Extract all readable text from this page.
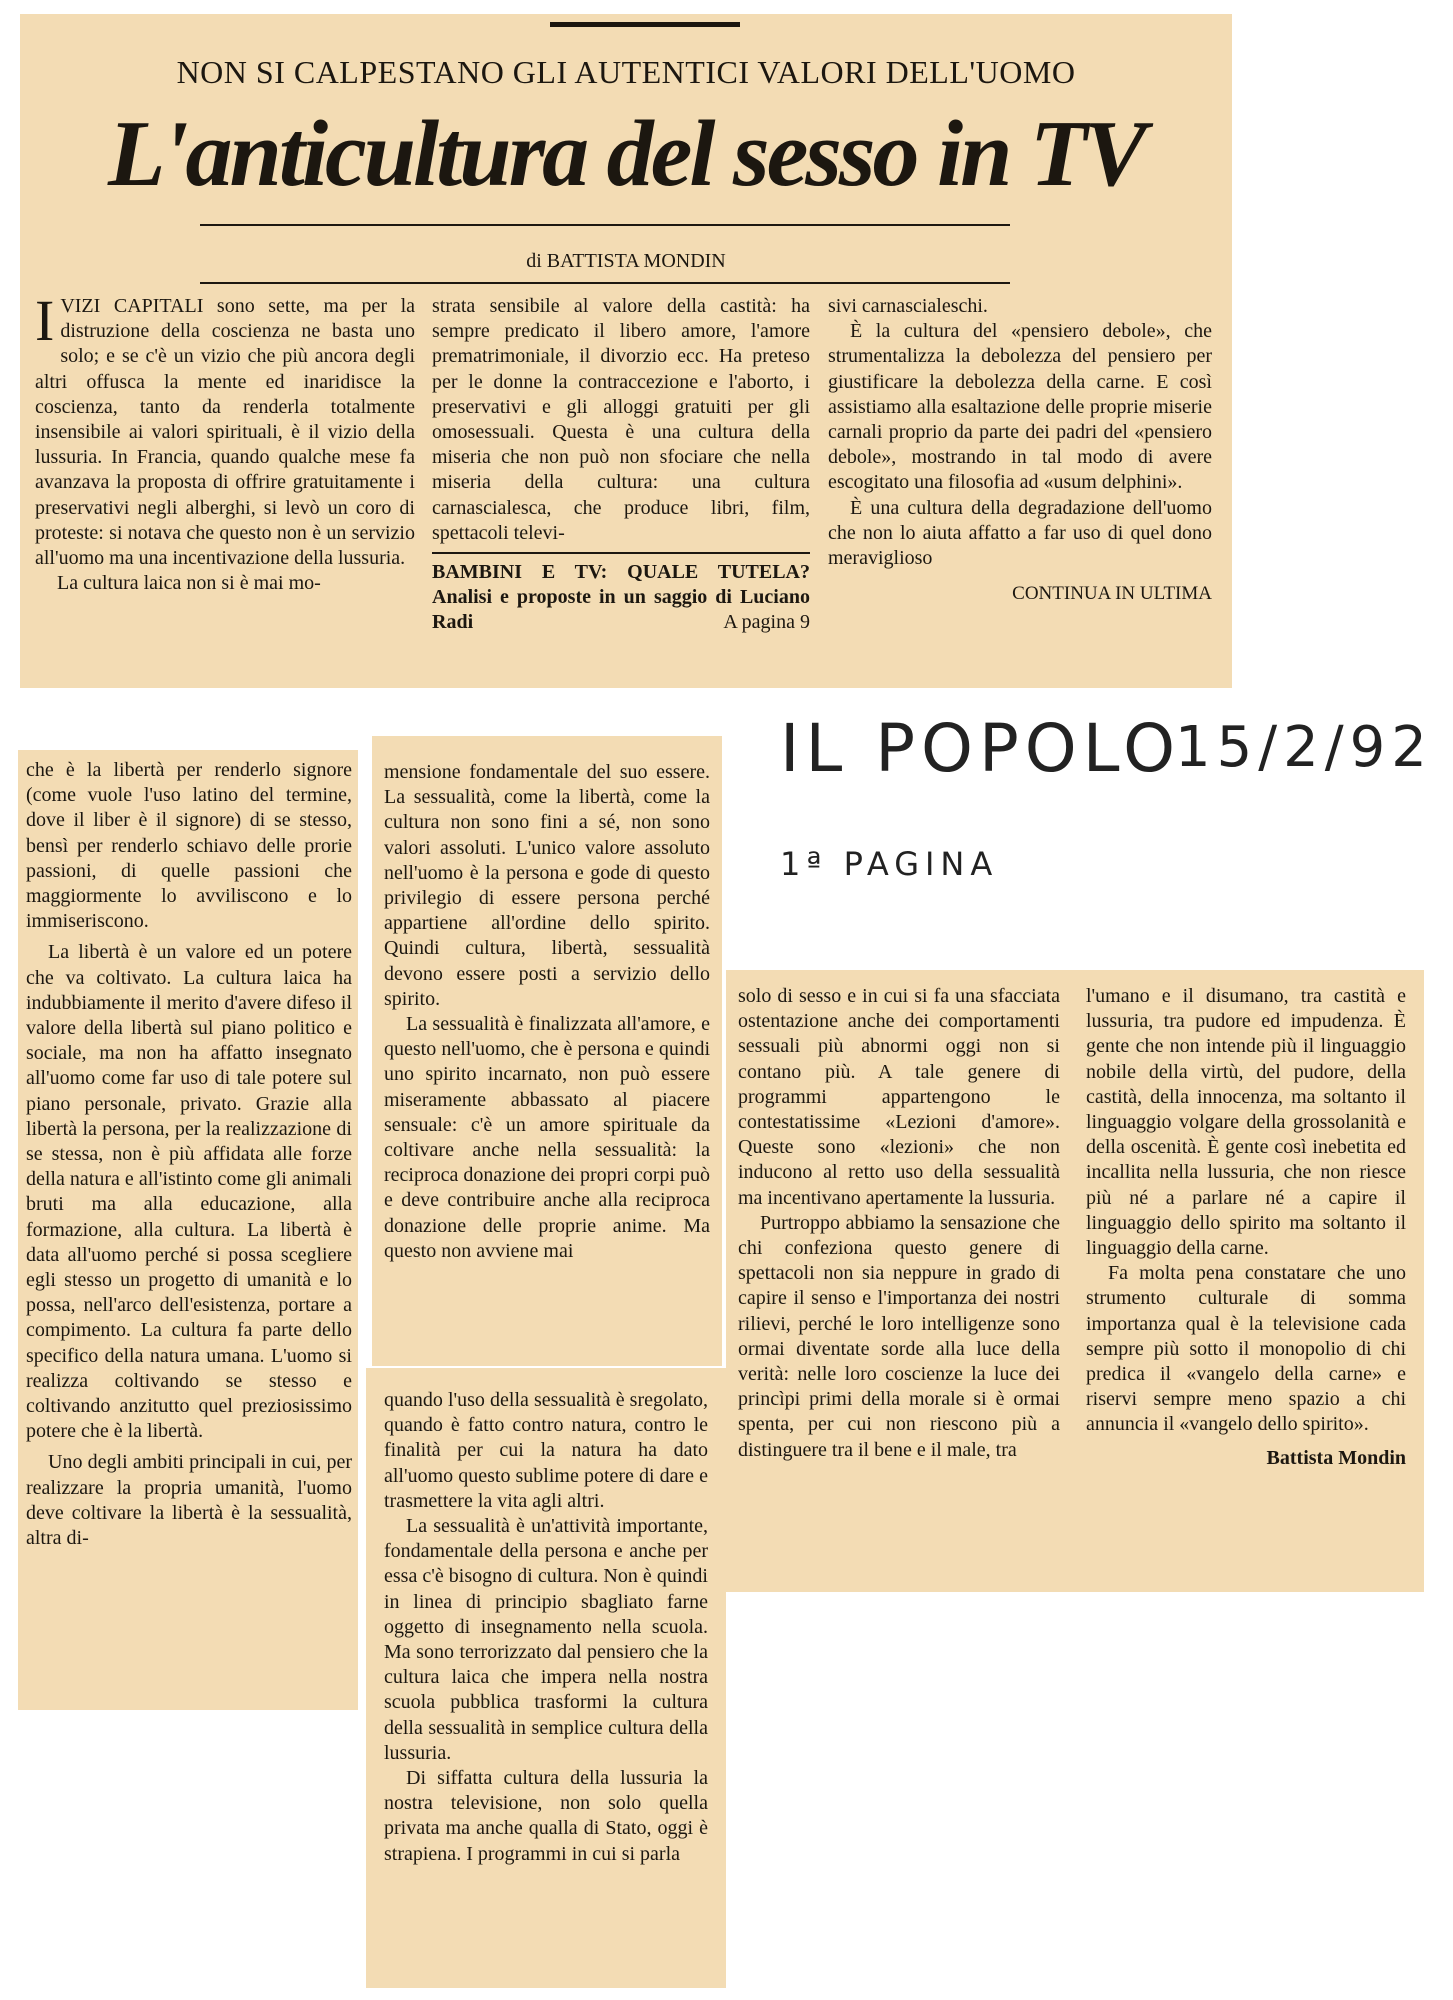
NON SI CALPESTANO GLI AUTENTICI VALORI DELL'UOMO
L'anticultura del sesso in TV
di BATTISTA MONDIN

IVIZI CAPITALI sono sette, ma per la distruzione della coscienza ne basta uno solo; e se c'è un vizio che più ancora degli altri offusca la mente ed inaridisce la coscienza, tanto da renderla totalmente insensibile ai valori spirituali, è il vizio della lussuria. In Francia, quando qualche mese fa avanzava la proposta di offrire gratuitamente i preservativi negli alberghi, si levò un coro di proteste: si notava che questo non è un servizio all'uomo ma una incentivazione della lussuria.

La cultura laica non si è mai mo-

strata sensibile al valore della castità: ha sempre predicato il libero amore, l'amore prematrimoniale, il divorzio ecc. Ha preteso per le donne la contraccezione e l'aborto, i preservativi e gli alloggi gratuiti per gli omosessuali. Questa è una cultura della miseria che non può non sfociare che nella miseria della cultura: una cultura carnascialesca, che produce libri, film, spettacoli televi-

BAMBINI E TV: QUALE TUTELA? Analisi e proposte in un saggio di Luciano Radi	A pagina 9

sivi carnascialeschi.

È la cultura del «pensiero debole», che strumentalizza la debolezza del pensiero per giustificare la debolezza della carne. E così assistiamo alla esaltazione delle proprie miserie carnali proprio da parte dei padri del «pensiero debole», mostrando in tal modo di avere escogitato una filosofia ad «usum delphini».

È una cultura della degradazione dell'uomo che non lo aiuta affatto a far uso di quel dono meraviglioso

CONTINUA IN ULTIMA

IL POPOLO
15/2/92
1ª PAGINA

che è la libertà per renderlo signore (come vuole l'uso latino del termine, dove il liber è il signore) di se stesso, bensì per renderlo schiavo delle prorie passioni, di quelle passioni che maggiormente lo avviliscono e lo immiseriscono.

La libertà è un valore ed un potere che va coltivato. La cultura laica ha indubbiamente il merito d'avere difeso il valore della libertà sul piano politico e sociale, ma non ha affatto insegnato all'uomo come far uso di tale potere sul piano personale, privato. Grazie alla libertà la persona, per la realizzazione di se stessa, non è più affidata alle forze della natura e all'istinto come gli animali bruti ma alla educazione, alla formazione, alla cultura. La libertà è data all'uomo perché si possa scegliere egli stesso un progetto di umanità e lo possa, nell'arco dell'esistenza, portare a compimento. La cultura fa parte dello specifico della natura umana. L'uomo si realizza coltivando se stesso e coltivando anzitutto quel preziosissimo potere che è la libertà.

Uno degli ambiti principali in cui, per realizzare la propria umanità, l'uomo deve coltivare la libertà è la sessualità, altra di-

mensione fondamentale del suo essere. La sessualità, come la libertà, come la cultura non sono fini a sé, non sono valori assoluti. L'unico valore assoluto nell'uomo è la persona e gode di questo privilegio di essere persona perché appartiene all'ordine dello spirito. Quindi cultura, libertà, sessualità devono essere posti a servizio dello spirito.

La sessualità è finalizzata all'amore, e questo nell'uomo, che è persona e quindi uno spirito incarnato, non può essere miseramente abbassato al piacere sensuale: c'è un amore spirituale da coltivare anche nella sessualità: la reciproca donazione dei propri corpi può e deve contribuire anche alla reciproca donazione delle proprie anime. Ma questo non avviene mai

quando l'uso della sessualità è sregolato, quando è fatto contro natura, contro le finalità per cui la natura ha dato all'uomo questo sublime potere di dare e trasmettere la vita agli altri.

La sessualità è un'attività importante, fondamentale della persona e anche per essa c'è bisogno di cultura. Non è quindi in linea di principio sbagliato farne oggetto di insegnamento nella scuola. Ma sono terrorizzato dal pensiero che la cultura laica che impera nella nostra scuola pubblica trasformi la cultura della sessualità in semplice cultura della lussuria.

Di siffatta cultura della lussuria la nostra televisione, non solo quella privata ma anche qualla di Stato, oggi è strapiena. I programmi in cui si parla

solo di sesso e in cui si fa una sfacciata ostentazione anche dei comportamenti sessuali più abnormi oggi non si contano più. A tale genere di programmi appartengono le contestatissime «Lezioni d'amore». Queste sono «lezioni» che non inducono al retto uso della sessualità ma incentivano apertamente la lussuria.

Purtroppo abbiamo la sensazione che chi confeziona questo genere di spettacoli non sia neppure in grado di capire il senso e l'importanza dei nostri rilievi, perché le loro intelligenze sono ormai diventate sorde alla luce della verità: nelle loro coscienze la luce dei princìpi primi della morale si è ormai spenta, per cui non riescono più a distinguere tra il bene e il male, tra

l'umano e il disumano, tra castità e lussuria, tra pudore ed impudenza. È gente che non intende più il linguaggio nobile della virtù, del pudore, della castità, della innocenza, ma soltanto il linguaggio volgare della grossolanità e della oscenità. È gente così inebetita ed incallita nella lussuria, che non riesce più né a parlare né a capire il linguaggio dello spirito ma soltanto il linguaggio della carne.

Fa molta pena constatare che uno strumento culturale di somma importanza qual è la televisione cada sempre più sotto il monopolio di chi predica il «vangelo della carne» e riservi sempre meno spazio a chi annuncia il «vangelo dello spirito».

Battista Mondin
